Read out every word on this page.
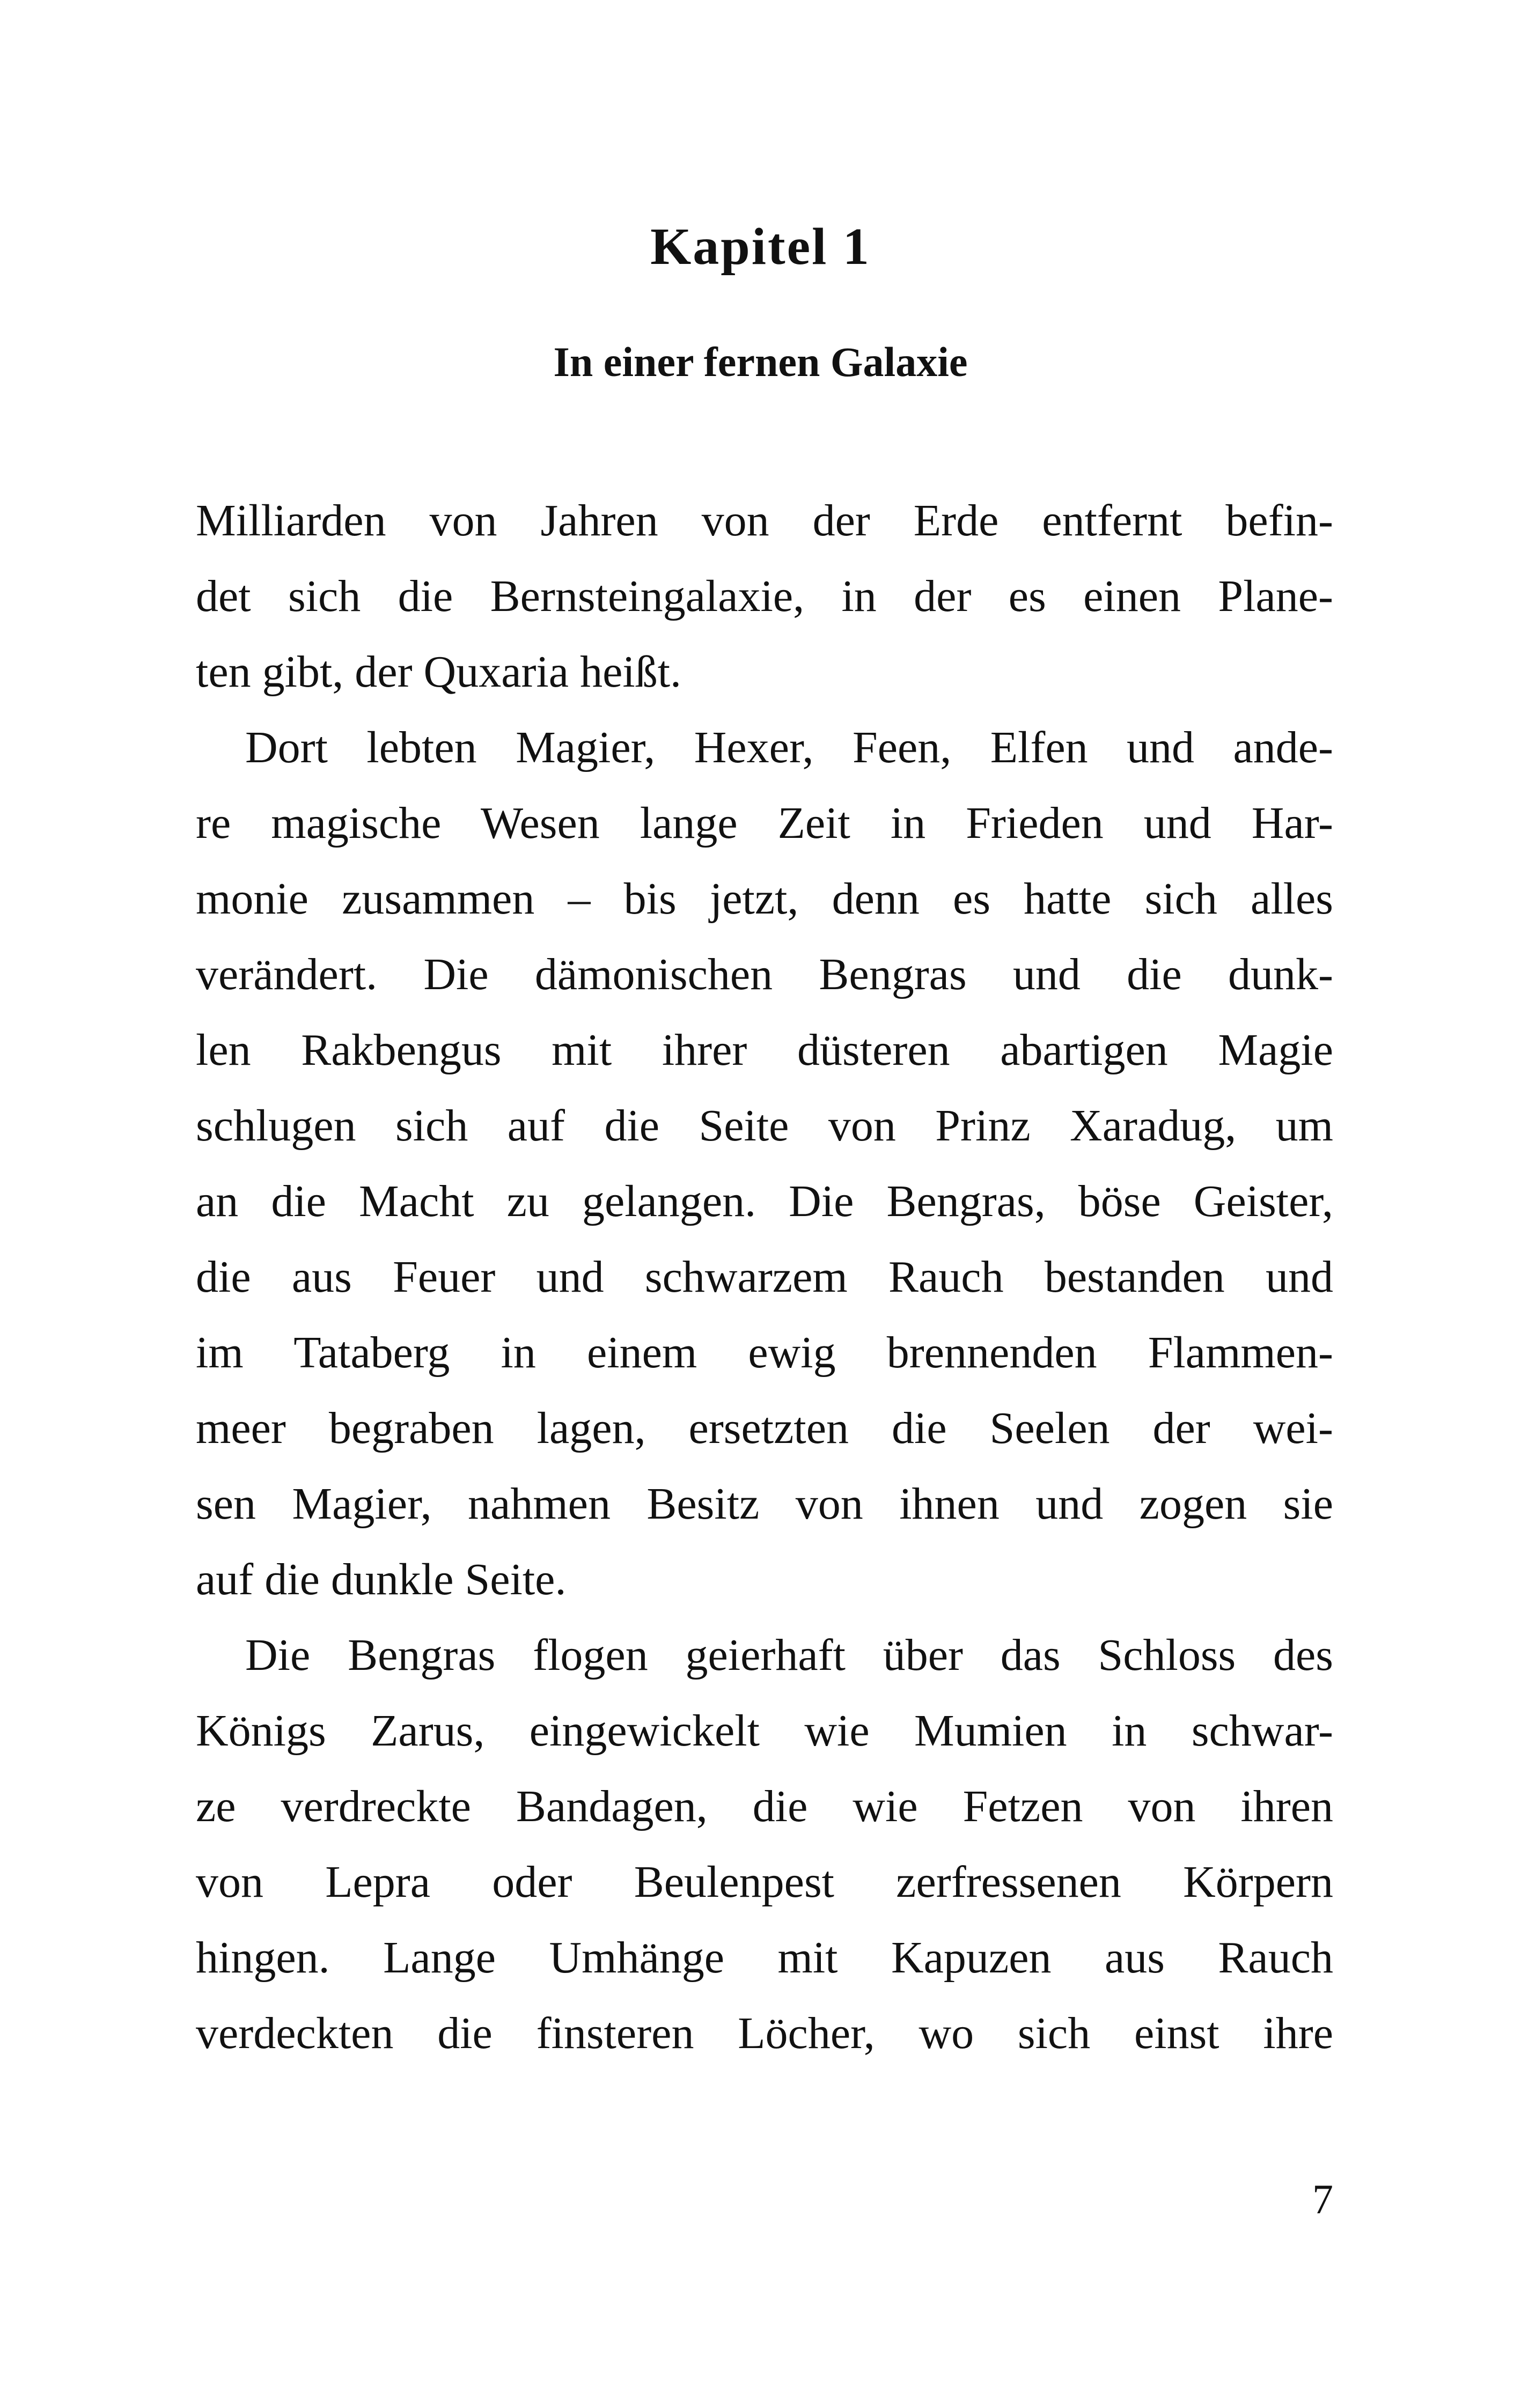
Kapitel 1
In einer fernen Galaxie
Milliarden von Jahren von der Erde entfernt befin-
det sich die Bernsteingalaxie, in der es einen Plane-
ten gibt, der Quxaria heißt.
Dort lebten Magier, Hexer, Feen, Elfen und ande-
re magische Wesen lange Zeit in Frieden und Har-
monie zusammen – bis jetzt, denn es hatte sich alles
verändert. Die dämonischen Bengras und die dunk-
len Rakbengus mit ihrer düsteren abartigen Magie
schlugen sich auf die Seite von Prinz Xaradug, um
an die Macht zu gelangen. Die Bengras, böse Geister,
die aus Feuer und schwarzem Rauch bestanden und
im Tataberg in einem ewig brennenden Flammen-
meer begraben lagen, ersetzten die Seelen der wei-
sen Magier, nahmen Besitz von ihnen und zogen sie
auf die dunkle Seite.
Die Bengras flogen geierhaft über das Schloss des
Königs Zarus, eingewickelt wie Mumien in schwar-
ze verdreckte Bandagen, die wie Fetzen von ihren
von Lepra oder Beulenpest zerfressenen Körpern
hingen. Lange Umhänge mit Kapuzen aus Rauch
verdeckten die finsteren Löcher, wo sich einst ihre

7
